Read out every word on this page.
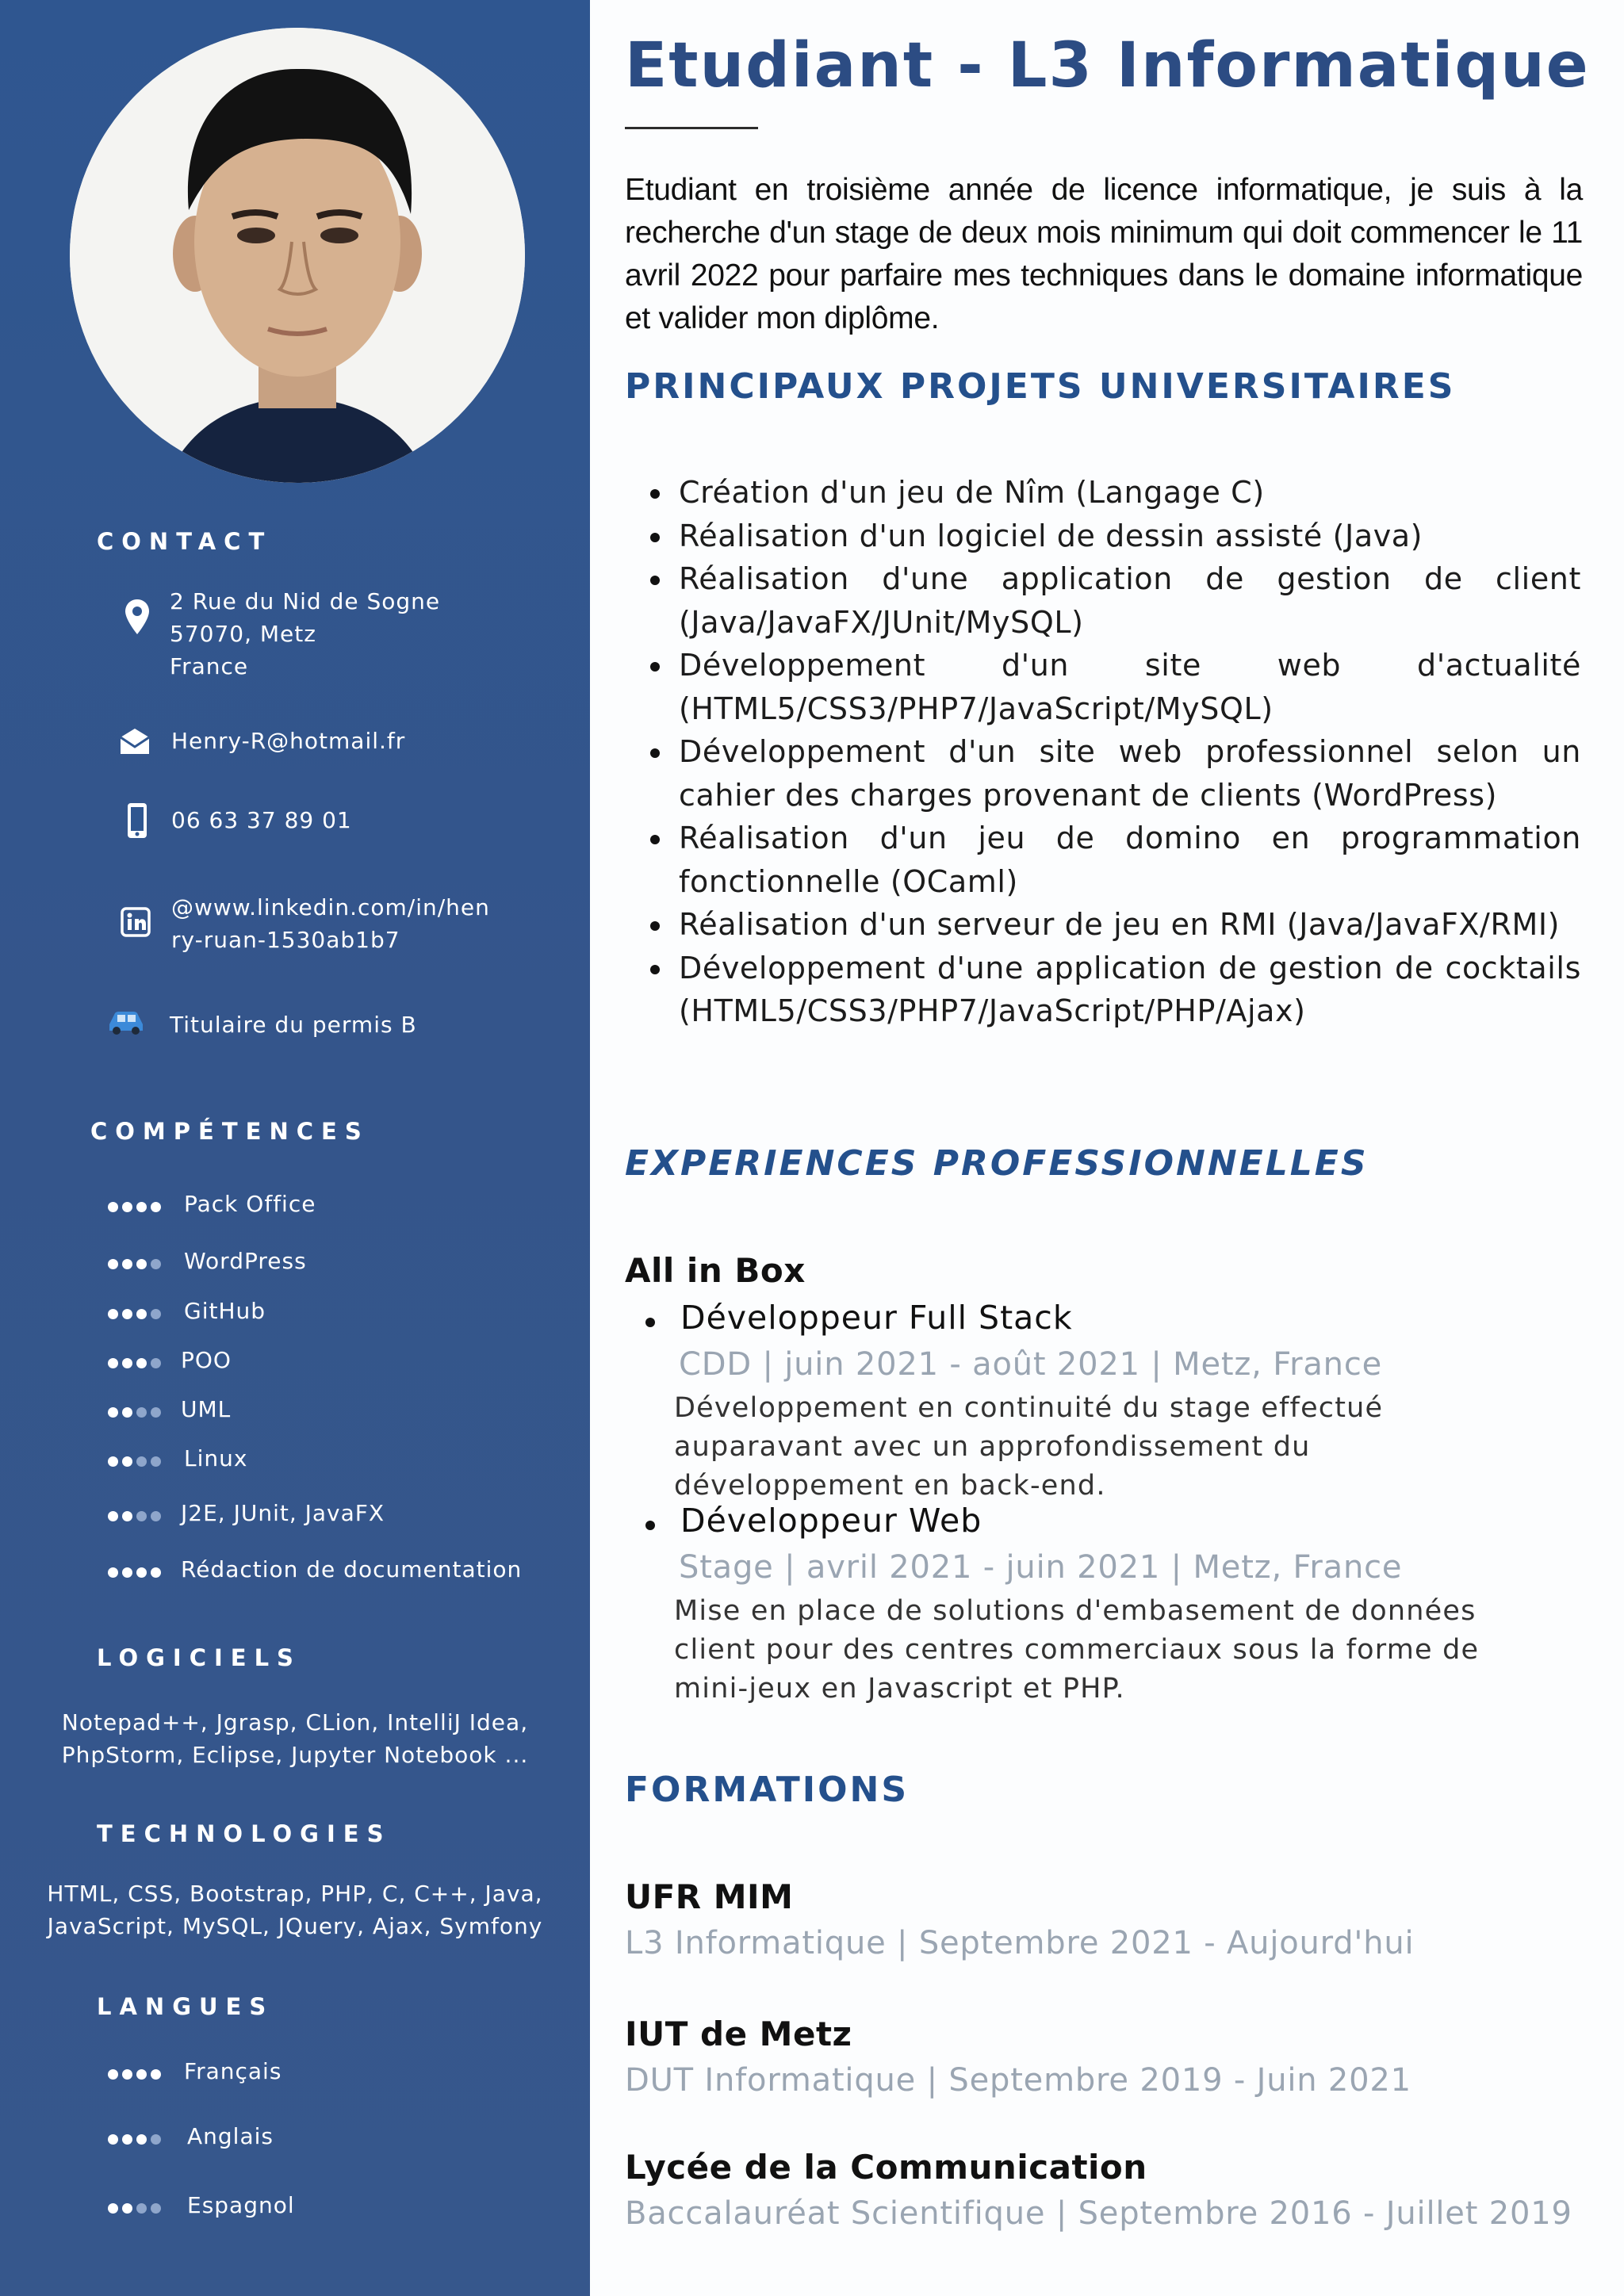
CONTACT
2 Rue du Nid de Sogne
57070, Metz
France
Henry-R@hotmail.fr
06 63 37 89 01
@www.linkedin.com/in/hen
ry-ruan-1530ab1b7
Titulaire du permis B
COMPÉTENCES
Pack Office
WordPress
GitHub
POO
UML
Linux
J2E, JUnit, JavaFX
Rédaction de documentation
LOGICIELS
Notepad++, Jgrasp, CLion, IntelliJ Idea,
PhpStorm, Eclipse, Jupyter Notebook ...
TECHNOLOGIES
HTML, CSS, Bootstrap, PHP, C, C++, Java,
JavaScript, MySQL, JQuery, Ajax, Symfony
LANGUES
Français
Anglais
Espagnol
Etudiant - L3 Informatique
Etudiant en troisième année de licence informatique, je suis à la recherche d'un stage de deux mois minimum qui doit commencer le 11 avril 2022 pour parfaire mes techniques dans le domaine informatique et valider mon diplôme.
PRINCIPAUX PROJETS UNIVERSITAIRES
Création d'un jeu de Nîm (Langage C)
Réalisation d'un logiciel de dessin assisté (Java)
Réalisation d'une application de gestion de client (Java/JavaFX/JUnit/MySQL)
Développement d'un site web d'actualité (HTML5/CSS3/PHP7/JavaScript/MySQL)
Développement d'un site web professionnel selon un cahier des charges provenant de clients (WordPress)
Réalisation d'un jeu de domino en programmation fonctionnelle (OCaml)
Réalisation d'un serveur de jeu en RMI (Java/JavaFX/RMI)
Développement d'une application de gestion de cocktails (HTML5/CSS3/PHP7/JavaScript/PHP/Ajax)
EXPERIENCES PROFESSIONNELLES
All in Box
Développeur Full Stack
CDD | juin 2021 - août 2021 | Metz, France
Développement en continuité du stage effectué auparavant avec un approfondissement du développement en back-end.
Développeur Web
Stage | avril 2021 - juin 2021 | Metz, France
Mise en place de solutions d'embasement de données client pour des centres commerciaux sous la forme de mini-jeux en Javascript et PHP.
FORMATIONS
UFR MIM
L3 Informatique | Septembre 2021 - Aujourd'hui
IUT de Metz
DUT Informatique | Septembre 2019 - Juin 2021
Lycée de la Communication
Baccalauréat Scientifique | Septembre 2016 - Juillet 2019
